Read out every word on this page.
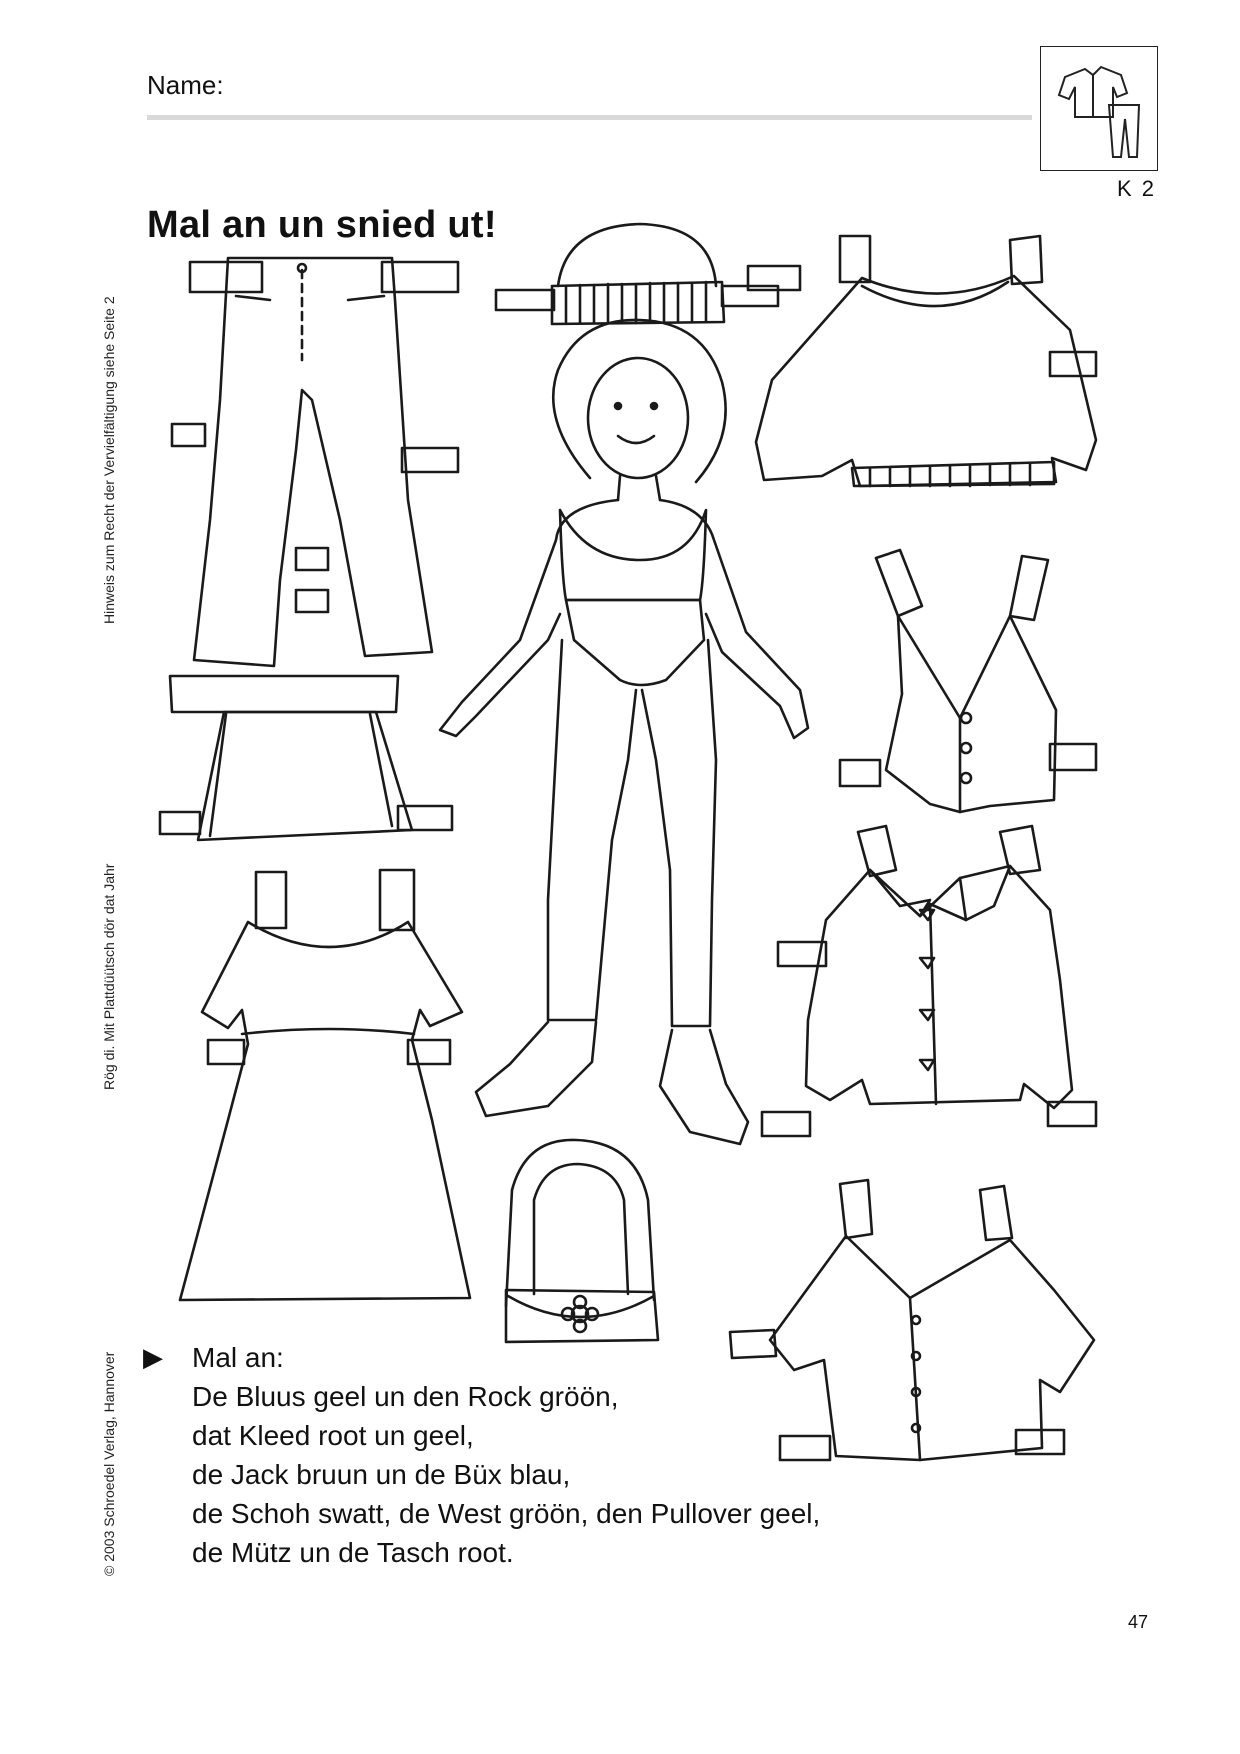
Name:
K 2
Mal an un snied ut!
Hinweis zum Recht der Vervielfältigung siehe Seite 2
Rög di. Mit Plattdüütsch dör dat Jahr
© 2003 Schroedel Verlag, Hannover ▶	Mal an:
De Bluus geel un den Rock gröön,
dat Kleed root un geel,
de Jack bruun un de Büx blau,
de Schoh swatt, de West gröön, den Pullover geel,
de Mütz un de Tasch root.
47
